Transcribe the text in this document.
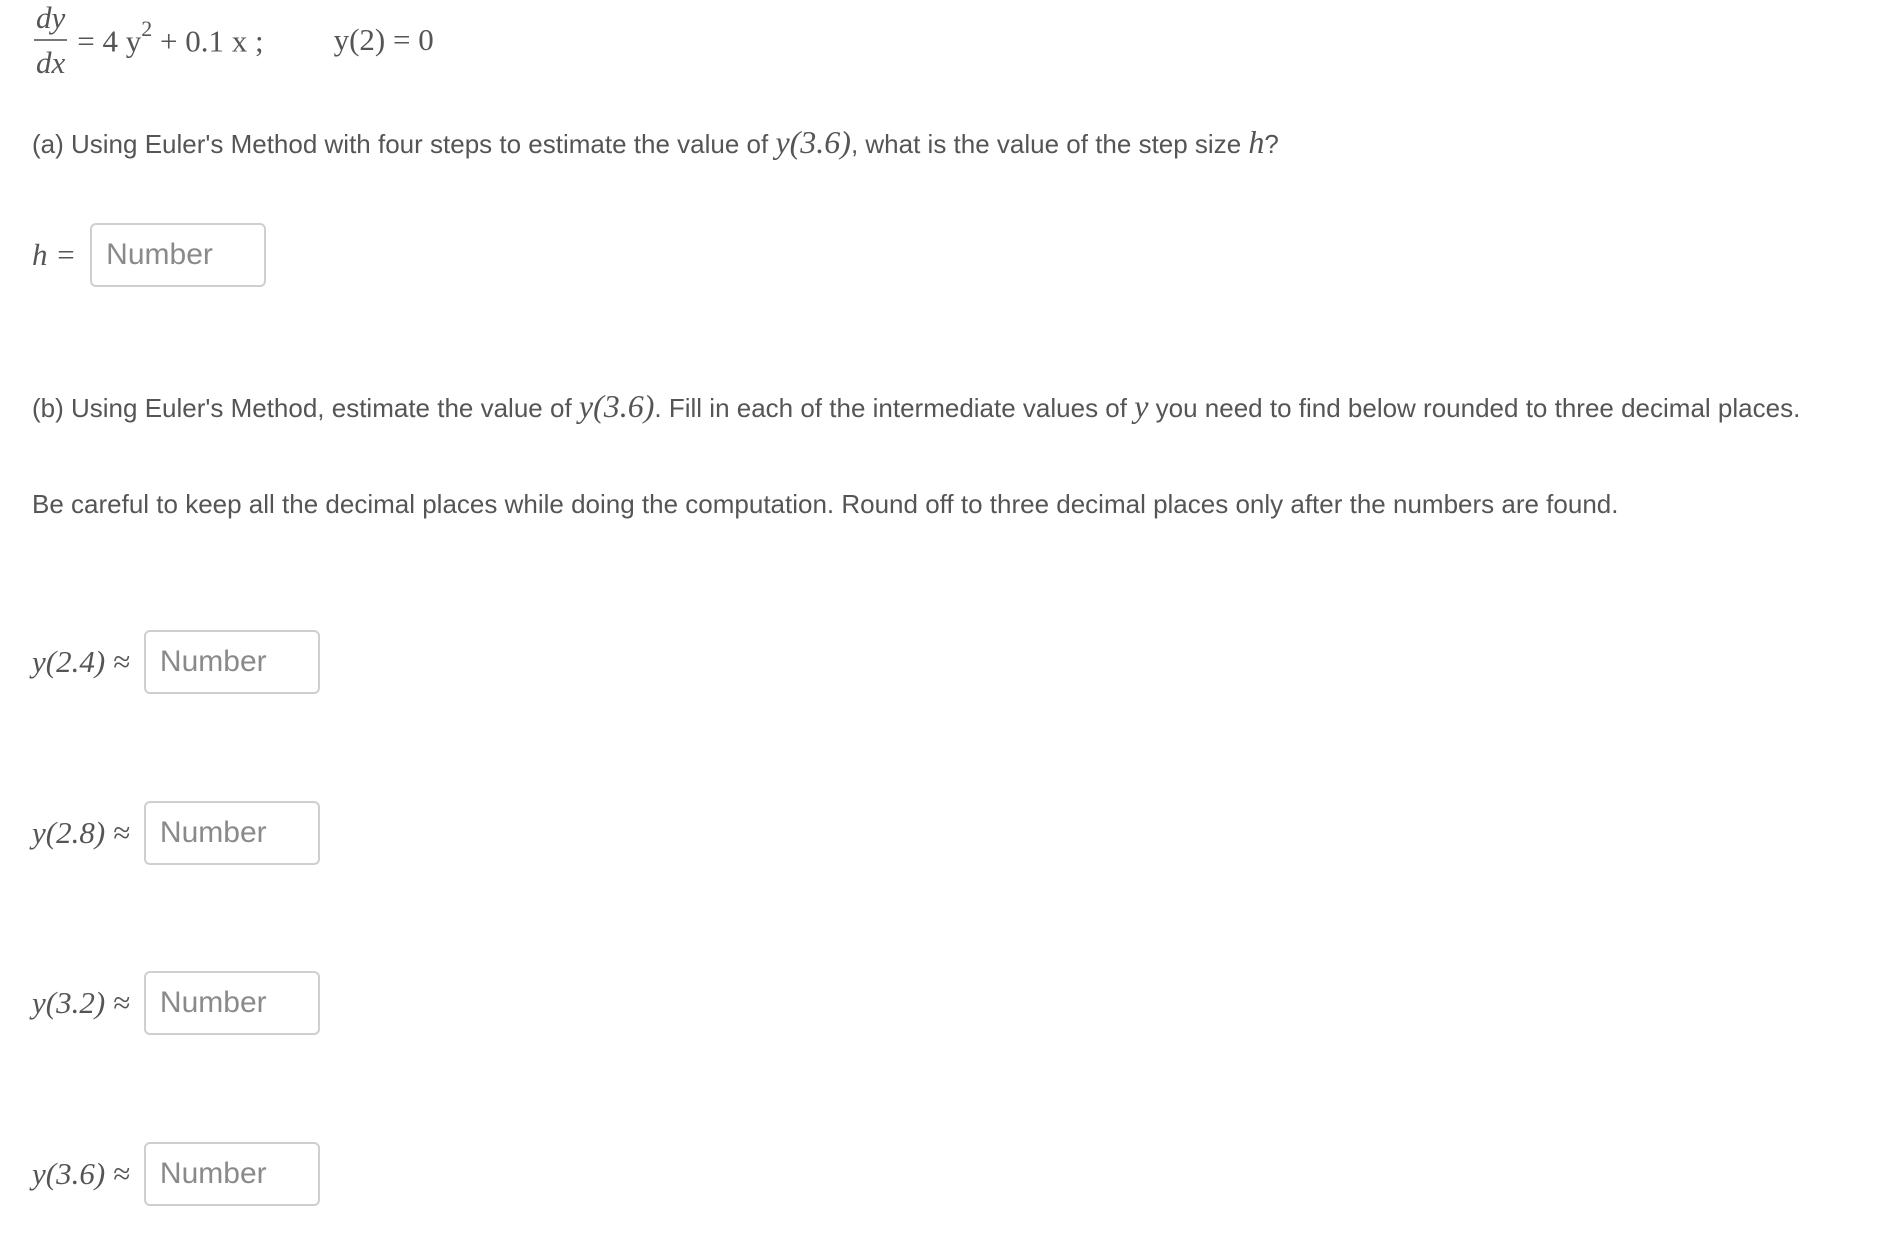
$\frac{dy}{dx} = 4$ $y^2 + 0.1$ x ; y(2) = 0
(a) Using Euler's Method with four steps to estimate the value of y(3.6), what is the value of the step size h?
h =
Number
(b) Using Euler's Method, estimate the value of y(3.6). Fill in each of the intermediate values of y you need to find below rounded to three decimal places.
Be careful to keep all the decimal places while doing the computation. Round off to three decimal places only after the numbers are found.
y(2.4) ≈
Number
y(2.8) ≈
Number
y(3.2) ≈
Number
y(3.6) ≈
Number
